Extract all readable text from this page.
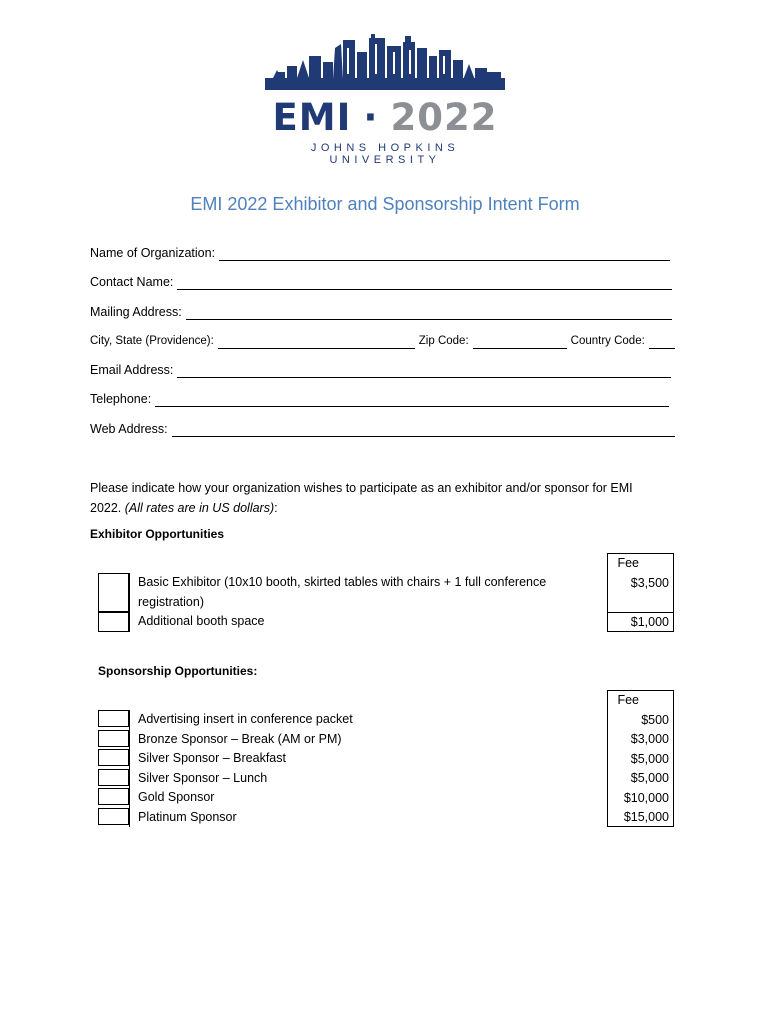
EMI · 2022
JOHNS HOPKINS UNIVERSITY
EMI 2022 Exhibitor and Sponsorship Intent Form
Name of Organization:
Contact Name:
Mailing Address:
City, State (Providence):	Zip Code:	Country Code:
Email Address:
Telephone:
Web Address:
Please indicate how your organization wishes to participate as an exhibitor and/or sponsor for EMI 2022. (All rates are in US dollars):
Exhibitor Opportunities
Basic Exhibitor (10x10 booth, skirted tables with chairs + 1 full conference registration)
Additional booth space
Fee
$3,500
$1,000
Sponsorship Opportunities:
Advertising insert in conference packet
Bronze Sponsor – Break (AM or PM)
Silver Sponsor – Breakfast
Silver Sponsor – Lunch
Gold Sponsor
Platinum Sponsor
Fee
$500
$3,000
$5,000
$5,000
$10,000
$15,000
